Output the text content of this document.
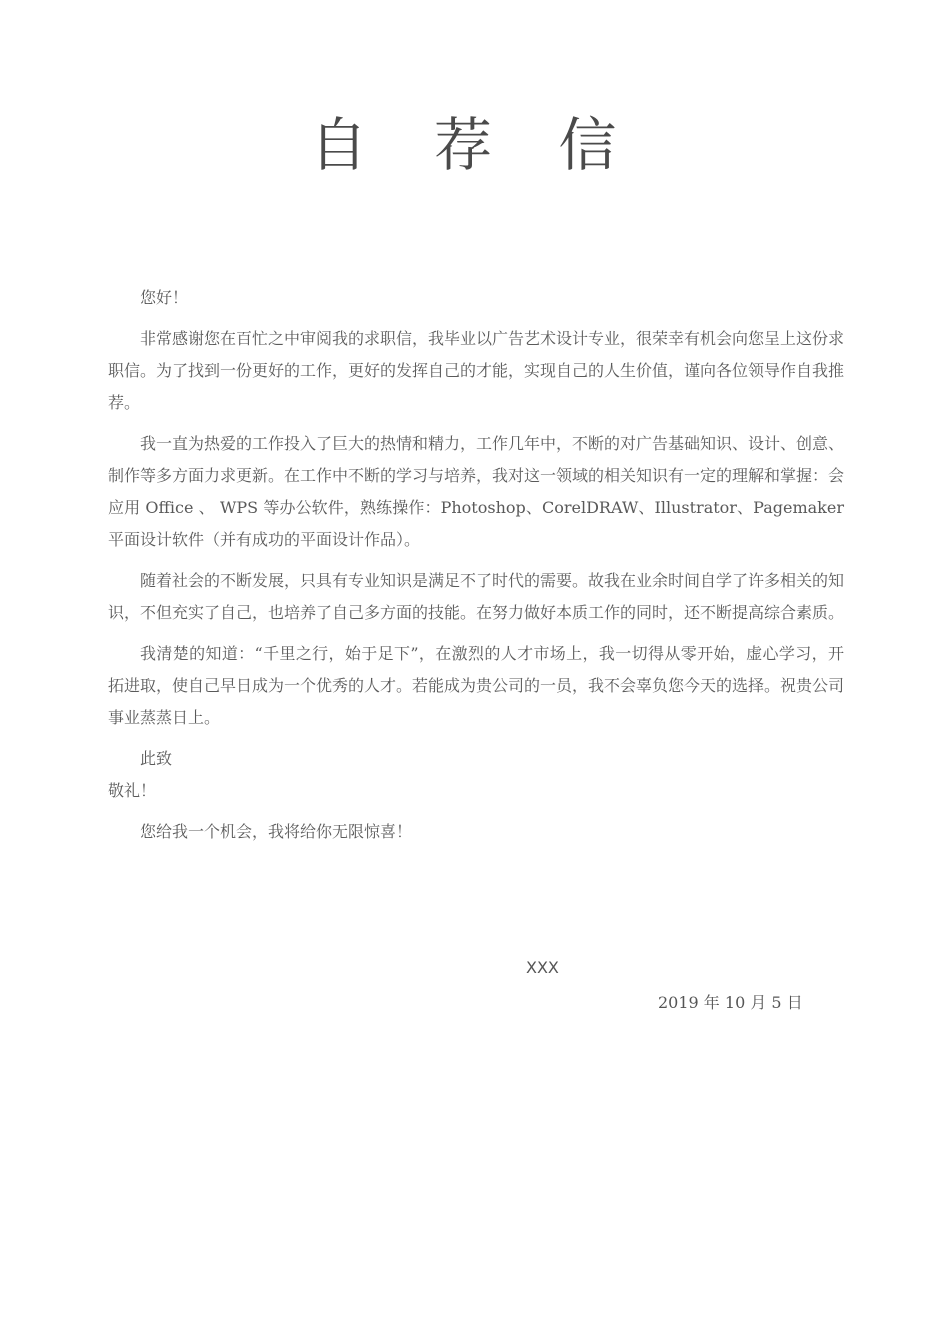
自 荐 信

您好！

非常感谢您在百忙之中审阅我的求职信，我毕业以广告艺术设计专业，很荣幸有机会向您呈上这份求职信。为了找到一份更好的工作，更好的发挥自己的才能，实现自己的人生价值，谨向各位领导作自我推荐。

我一直为热爱的工作投入了巨大的热情和精力，工作几年中，不断的对广告基础知识、设计、创意、制作等多方面力求更新。在工作中不断的学习与培养，我对这一领域的相关知识有一定的理解和掌握：会应用 Office 、 WPS 等办公软件，熟练操作：Photoshop、CorelDRAW、Illustrator、Pagemaker 平面设计软件（并有成功的平面设计作品）。

随着社会的不断发展，只具有专业知识是满足不了时代的需要。故我在业余时间自学了许多相关的知识，不但充实了自己，也培养了自己多方面的技能。在努力做好本质工作的同时，还不断提高综合素质。

我清楚的知道：“千里之行，始于足下”，在激烈的人才市场上，我一切得从零开始，虚心学习，开拓进取，使自己早日成为一个优秀的人才。若能成为贵公司的一员，我不会辜负您今天的选择。祝贵公司事业蒸蒸日上。

此致

敬礼！

您给我一个机会，我将给你无限惊喜！

XXX
2019 年 10 月 5 日
